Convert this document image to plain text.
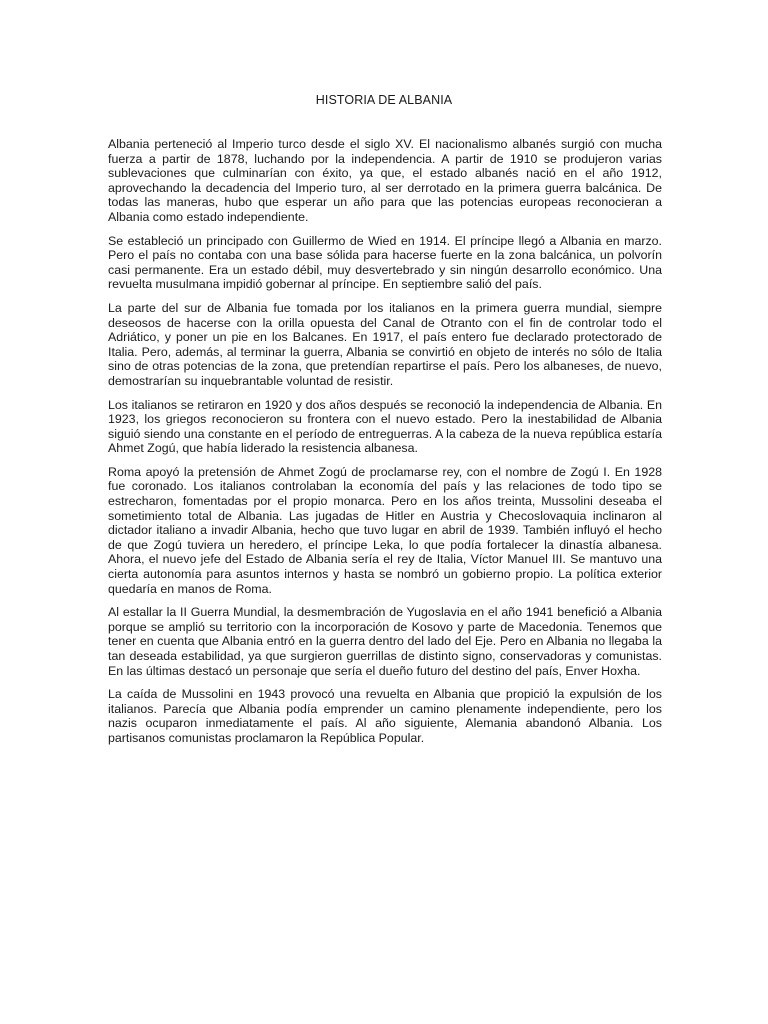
HISTORIA DE ALBANIA

Albania perteneció al Imperio turco desde el siglo XV. El nacionalismo albanés surgió con mucha fuerza a partir de 1878, luchando por la independencia. A partir de 1910 se produjeron varias sublevaciones que culminarían con éxito, ya que, el estado albanés nació en el año 1912, aprovechando la decadencia del Imperio turo, al ser derrotado en la primera guerra balcánica. De todas las maneras, hubo que esperar un año para que las potencias europeas reconocieran a Albania como estado independiente.

Se estableció un principado con Guillermo de Wied en 1914. El príncipe llegó a Albania en marzo. Pero el país no contaba con una base sólida para hacerse fuerte en la zona balcánica, un polvorín casi permanente. Era un estado débil, muy desvertebrado y sin ningún desarrollo económico. Una revuelta musulmana impidió gobernar al príncipe. En septiembre salió del país.

La parte del sur de Albania fue tomada por los italianos en la primera guerra mundial, siempre deseosos de hacerse con la orilla opuesta del Canal de Otranto con el fin de controlar todo el Adriático, y poner un pie en los Balcanes. En 1917, el país entero fue declarado protectorado de Italia. Pero, además, al terminar la guerra, Albania se convirtió en objeto de interés no sólo de Italia sino de otras potencias de la zona, que pretendían repartirse el país. Pero los albaneses, de nuevo, demostrarían su inquebrantable voluntad de resistir.

Los italianos se retiraron en 1920 y dos años después se reconoció la independencia de Albania. En 1923, los griegos reconocieron su frontera con el nuevo estado. Pero la inestabilidad de Albania siguió siendo una constante en el período de entreguerras. A la cabeza de la nueva república estaría Ahmet Zogú, que había liderado la resistencia albanesa.

Roma apoyó la pretensión de Ahmet Zogú de proclamarse rey, con el nombre de Zogú I. En 1928 fue coronado. Los italianos controlaban la economía del país y las relaciones de todo tipo se estrecharon, fomentadas por el propio monarca. Pero en los años treinta, Mussolini deseaba el sometimiento total de Albania. Las jugadas de Hitler en Austria y Checoslovaquia inclinaron al dictador italiano a invadir Albania, hecho que tuvo lugar en abril de 1939. También influyó el hecho de que Zogú tuviera un heredero, el príncipe Leka, lo que podía fortalecer la dinastía albanesa. Ahora, el nuevo jefe del Estado de Albania sería el rey de Italia, Víctor Manuel III. Se mantuvo una cierta autonomía para asuntos internos y hasta se nombró un gobierno propio. La política exterior quedaría en manos de Roma.

Al estallar la II Guerra Mundial, la desmembración de Yugoslavia en el año 1941 benefició a Albania porque se amplió su territorio con la incorporación de Kosovo y parte de Macedonia. Tenemos que tener en cuenta que Albania entró en la guerra dentro del lado del Eje. Pero en Albania no llegaba la tan deseada estabilidad, ya que surgieron guerrillas de distinto signo, conservadoras y comunistas. En las últimas destacó un personaje que sería el dueño futuro del destino del país, Enver Hoxha.

La caída de Mussolini en 1943 provocó una revuelta en Albania que propició la expulsión de los italianos. Parecía que Albania podía emprender un camino plenamente independiente, pero los nazis ocuparon inmediatamente el país. Al año siguiente, Alemania abandonó Albania. Los partisanos comunistas proclamaron la República Popular.
